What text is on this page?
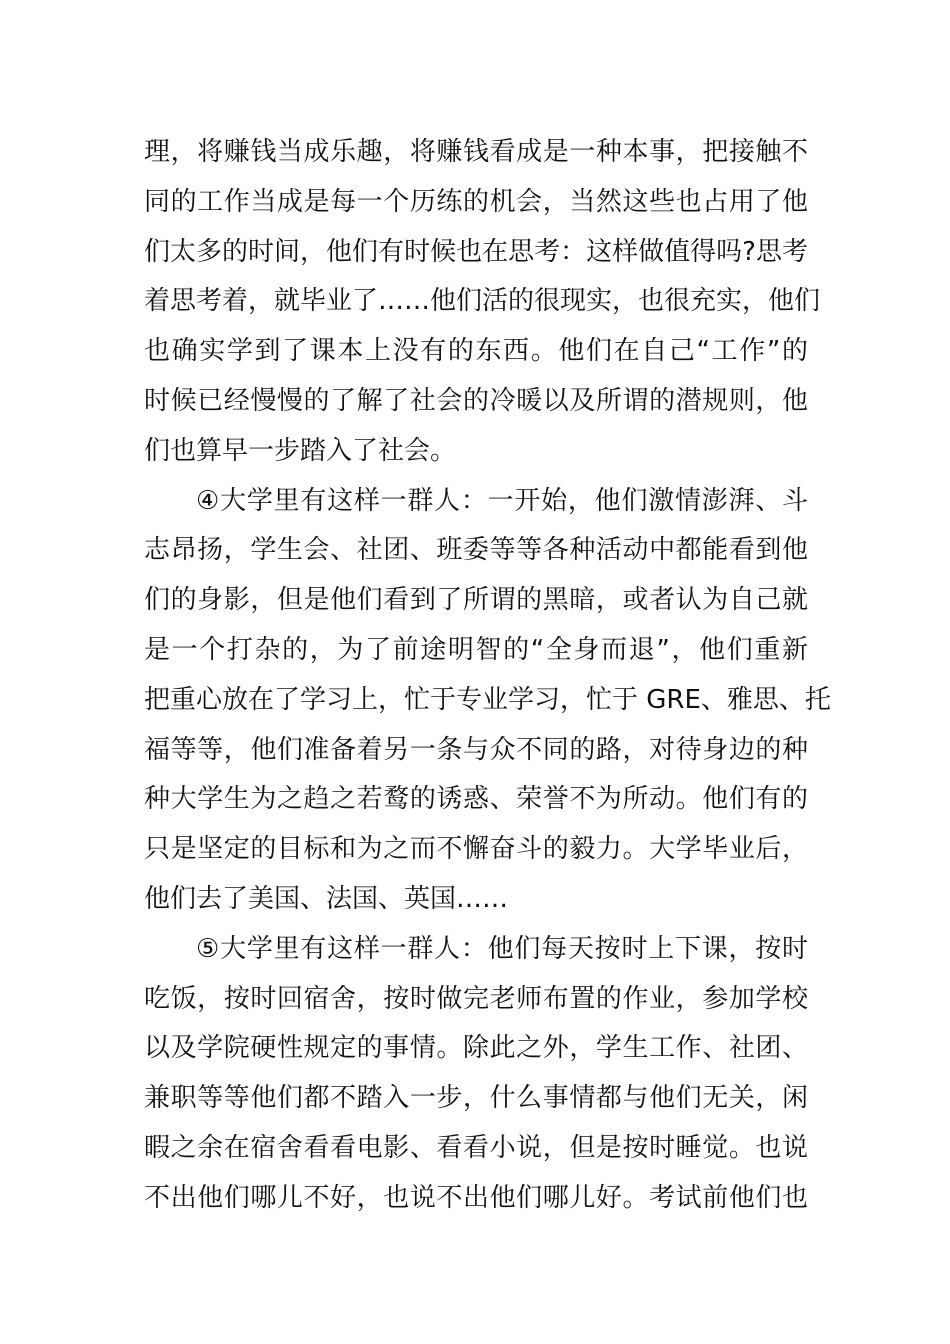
理，将赚钱当成乐趣，将赚钱看成是一种本事，把接触不
同的工作当成是每一个历练的机会，当然这些也占用了他
们太多的时间，他们有时候也在思考：这样做值得吗?思考
着思考着，就毕业了……他们活的很现实，也很充实，他们
也确实学到了课本上没有的东西。他们在自己“工作”的
时候已经慢慢的了解了社会的冷暖以及所谓的潜规则，他
们也算早一步踏入了社会。
④大学里有这样一群人：一开始，他们激情澎湃、斗
志昂扬，学生会、社团、班委等等各种活动中都能看到他
们的身影，但是他们看到了所谓的黑暗，或者认为自己就
是一个打杂的，为了前途明智的“全身而退”，他们重新
把重心放在了学习上，忙于专业学习，忙于 GRE、雅思、托
福等等，他们准备着另一条与众不同的路，对待身边的种
种大学生为之趋之若鹜的诱惑、荣誉不为所动。他们有的
只是坚定的目标和为之而不懈奋斗的毅力。大学毕业后，
他们去了美国、法国、英国……
⑤大学里有这样一群人：他们每天按时上下课，按时
吃饭，按时回宿舍，按时做完老师布置的作业，参加学校
以及学院硬性规定的事情。除此之外，学生工作、社团、
兼职等等他们都不踏入一步，什么事情都与他们无关，闲
暇之余在宿舍看看电影、看看小说，但是按时睡觉。也说
不出他们哪儿不好，也说不出他们哪儿好。考试前他们也
